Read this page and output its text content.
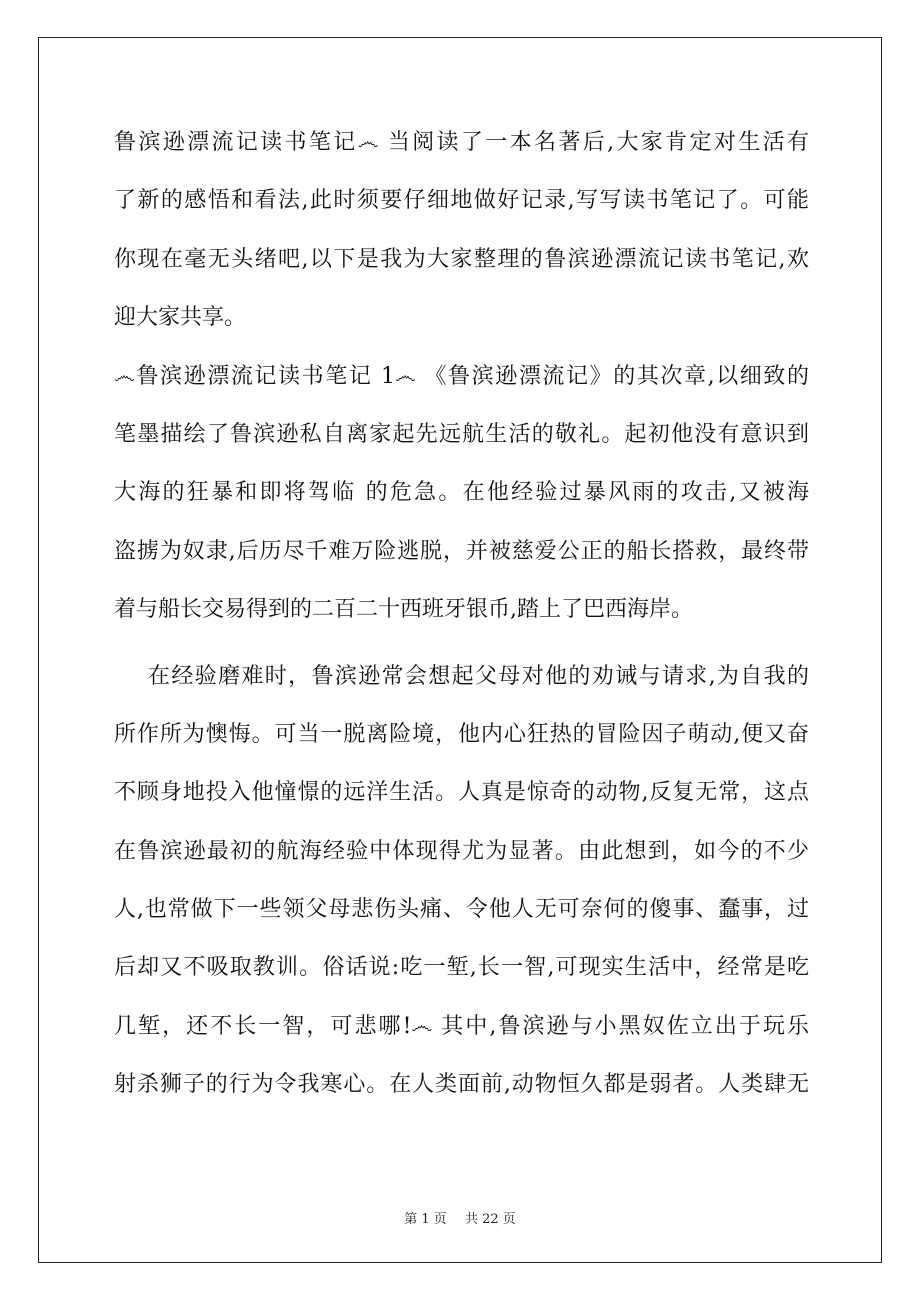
鲁滨逊漂流记读书笔记෴ 当阅读了一本名著后,大家肯定对生活有
了新的感悟和看法,此时须要仔细地做好记录,写写读书笔记了。可能
你现在毫无头绪吧,以下是我为大家整理的鲁滨逊漂流记读书笔记,欢
迎大家共享。
෴鲁滨逊漂流记读书笔记 1෴ 《鲁滨逊漂流记》的其次章,以细致的
笔墨描绘了鲁滨逊私自离家起先远航生活的敬礼。起初他没有意识到
大海的狂暴和即将驾临 的危急。在他经验过暴风雨的攻击,又被海
盗掳为奴隶,后历尽千难万险逃脱，并被慈爱公正的船长搭救，最终带
着与船长交易得到的二百二十西班牙银币,踏上了巴西海岸。
在经验磨难时，鲁滨逊常会想起父母对他的劝诫与请求,为自我的
所作所为懊悔。可当一脱离险境，他内心狂热的冒险因子萌动,便又奋
不顾身地投入他憧憬的远洋生活。人真是惊奇的动物,反复无常，这点
在鲁滨逊最初的航海经验中体现得尤为显著。由此想到，如今的不少
人,也常做下一些领父母悲伤头痛、令他人无可奈何的傻事、蠢事，过
后却又不吸取教训。俗话说:吃一堑,长一智,可现实生活中，经常是吃
几堑，还不长一智，可悲哪!෴ 其中,鲁滨逊与小黑奴佐立出于玩乐
射杀狮子的行为令我寒心。在人类面前,动物恒久都是弱者。人类肆无
第 1 页 共 22 页
